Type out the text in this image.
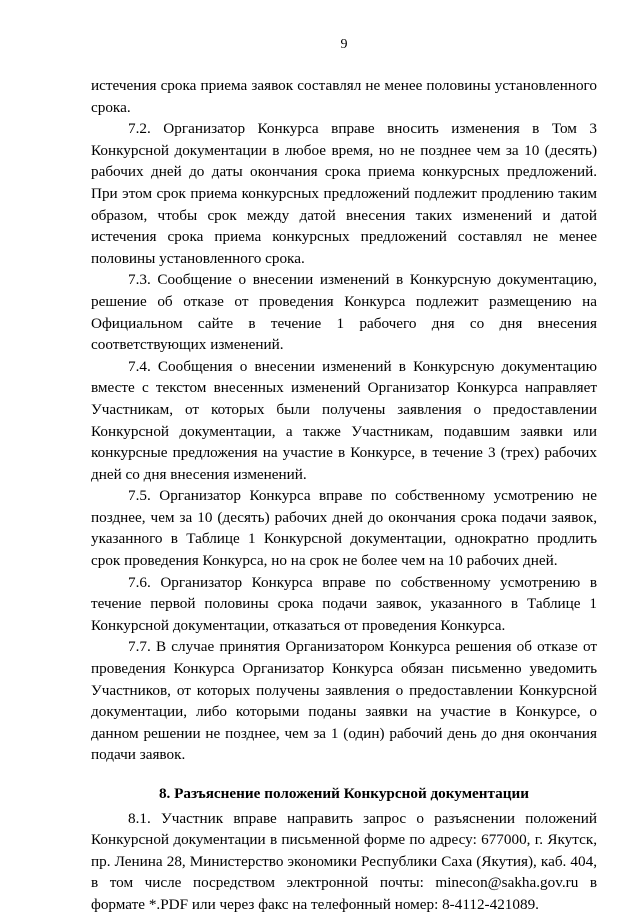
9

истечения срока приема заявок составлял не менее половины установленного срока.

7.2. Организатор Конкурса вправе вносить изменения в Том 3 Конкурсной документации в любое время, но не позднее чем за 10 (десять) рабочих дней до даты окончания срока приема конкурсных предложений. При этом срок приема конкурсных предложений подлежит продлению таким образом, чтобы срок между датой внесения таких изменений и датой истечения срока приема конкурсных предложений составлял не менее половины установленного срока.

7.3. Сообщение о внесении изменений в Конкурсную документацию, решение об отказе от проведения Конкурса подлежит размещению на Официальном сайте в течение 1 рабочего дня со дня внесения соответствующих изменений.

7.4. Сообщения о внесении изменений в Конкурсную документацию вместе с текстом внесенных изменений Организатор Конкурса направляет Участникам, от которых были получены заявления о предоставлении Конкурсной документации, а также Участникам, подавшим заявки или конкурсные предложения на участие в Конкурсе, в течение 3 (трех) рабочих дней со дня внесения изменений.

7.5. Организатор Конкурса вправе по собственному усмотрению не позднее, чем за 10 (десять) рабочих дней до окончания срока подачи заявок, указанного в Таблице 1 Конкурсной документации, однократно продлить срок проведения Конкурса, но на срок не более чем на 10 рабочих дней.

7.6. Организатор Конкурса вправе по собственному усмотрению в течение первой половины срока подачи заявок, указанного в Таблице 1 Конкурсной документации, отказаться от проведения Конкурса.

7.7. В случае принятия Организатором Конкурса решения об отказе от проведения Конкурса Организатор Конкурса обязан письменно уведомить Участников, от которых получены заявления о предоставлении Конкурсной документации, либо которыми поданы заявки на участие в Конкурсе, о данном решении не позднее, чем за 1 (один) рабочий день до дня окончания подачи заявок.

8. Разъяснение положений Конкурсной документации

8.1. Участник вправе направить запрос о разъяснении положений Конкурсной документации в письменной форме по адресу: 677000, г. Якутск, пр. Ленина 28, Министерство экономики Республики Саха (Якутия), каб. 404, в том числе посредством электронной почты: minecon@sakha.gov.ru в формате *.PDF или через факс на телефонный номер: 8-4112-421089.
